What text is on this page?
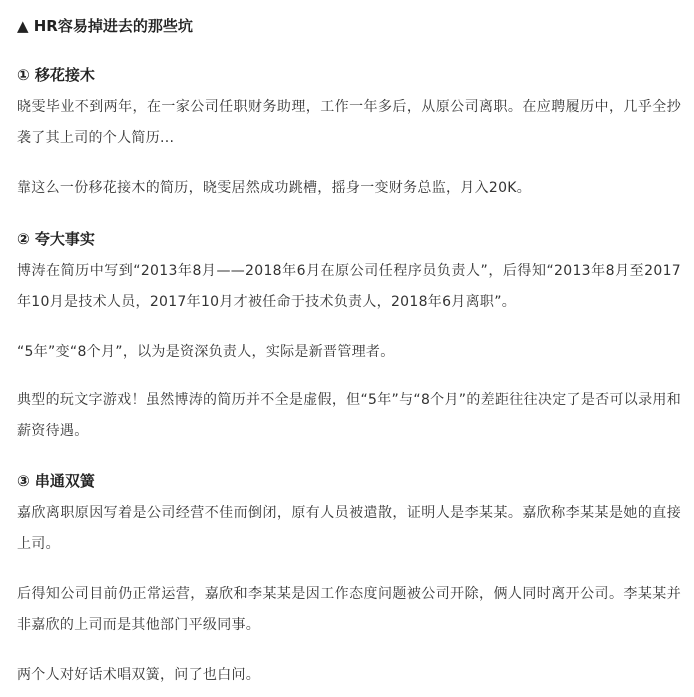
▲ HR容易掉进去的那些坑
① 移花接木
晓雯毕业不到两年，在一家公司任职财务助理，工作一年多后，从原公司离职。在应聘履历中，几乎全抄袭了其上司的个人简历...
靠这么一份移花接木的简历，晓雯居然成功跳槽，摇身一变财务总监，月入20K。
② 夸大事实
博涛在简历中写到“2013年8月——2018年6月在原公司任程序员负责人”，后得知“2013年8月至2017年10月是技术人员，2017年10月才被任命于技术负责人，2018年6月离职”。
“5年”变“8个月”，以为是资深负责人，实际是新晋管理者。
典型的玩文字游戏！虽然博涛的简历并不全是虚假，但“5年”与“8个月”的差距往往决定了是否可以录用和薪资待遇。
③ 串通双簧
嘉欣离职原因写着是公司经营不佳而倒闭，原有人员被遣散，证明人是李某某。嘉欣称李某某是她的直接上司。
后得知公司目前仍正常运营，嘉欣和李某某是因工作态度问题被公司开除，俩人同时离开公司。李某某并非嘉欣的上司而是其他部门平级同事。
两个人对好话术唱双簧，问了也白问。
